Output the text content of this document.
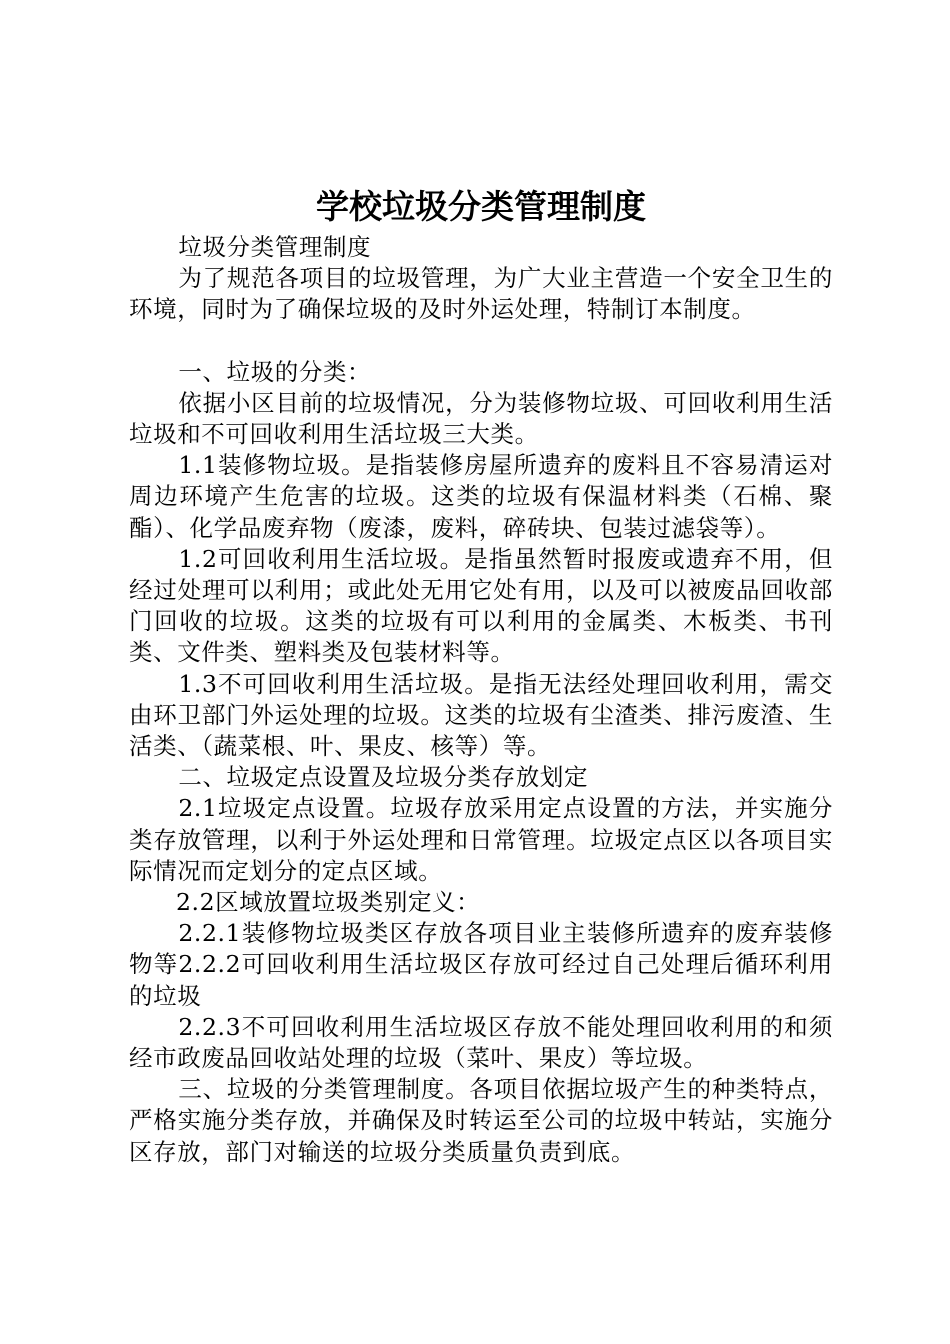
学校垃圾分类管理制度

垃圾分类管理制度

为了规范各项目的垃圾管理，为广大业主营造一个安全卫生的环境，同时为了确保垃圾的及时外运处理，特制订本制度。

一、垃圾的分类：

依据小区目前的垃圾情况，分为装修物垃圾、可回收利用生活垃圾和不可回收利用生活垃圾三大类。

1.1装修物垃圾。是指装修房屋所遗弃的废料且不容易清运对周边环境产生危害的垃圾。这类的垃圾有保温材料类（石棉、聚酯）、化学品废弃物（废漆，废料，碎砖块、包装过滤袋等）。

1.2可回收利用生活垃圾。是指虽然暂时报废或遗弃不用，但经过处理可以利用；或此处无用它处有用，以及可以被废品回收部门回收的垃圾。这类的垃圾有可以利用的金属类、木板类、书刊类、文件类、塑料类及包装材料等。

1.3不可回收利用生活垃圾。是指无法经处理回收利用，需交由环卫部门外运处理的垃圾。这类的垃圾有尘渣类、排污废渣、生活类、（蔬菜根、叶、果皮、核等）等。

二、垃圾定点设置及垃圾分类存放划定

2.1垃圾定点设置。垃圾存放采用定点设置的方法，并实施分类存放管理，以利于外运处理和日常管理。垃圾定点区以各项目实际情况而定划分的定点区域。

2.2区域放置垃圾类别定义：

2.2.1装修物垃圾类区存放各项目业主装修所遗弃的废弃装修物等2.2.2可回收利用生活垃圾区存放可经过自己处理后循环利用的垃圾

2.2.3不可回收利用生活垃圾区存放不能处理回收利用的和须经市政废品回收站处理的垃圾（菜叶、果皮）等垃圾。

三、垃圾的分类管理制度。各项目依据垃圾产生的种类特点，严格实施分类存放，并确保及时转运至公司的垃圾中转站，实施分区存放，部门对输送的垃圾分类质量负责到底。
